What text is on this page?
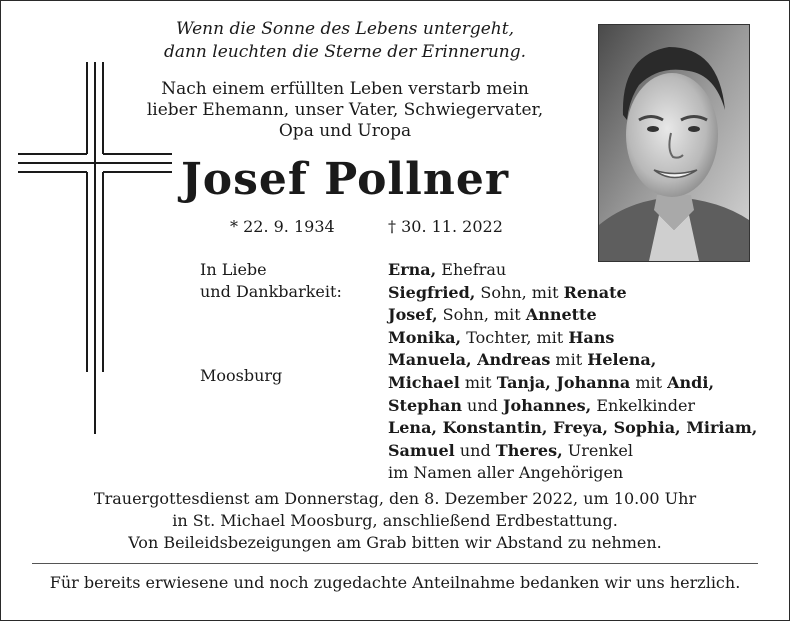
Wenn die Sonne des Lebens untergeht,
dann leuchten die Sterne der Erinnerung.
Nach einem erfüllten Leben verstarb mein
lieber Ehemann, unser Vater, Schwiegervater,
Opa und Uropa
Josef Pollner
* 22. 9. 1934	† 30. 11. 2022
In Liebe
und Dankbarkeit:
Moosburg
Erna, Ehefrau
Siegfried, Sohn, mit Renate
Josef, Sohn, mit Annette
Monika, Tochter, mit Hans
Manuela, Andreas mit Helena,
Michael mit Tanja, Johanna mit Andi,
Stephan und Johannes, Enkelkinder
Lena, Konstantin, Freya, Sophia, Miriam,
Samuel und Theres, Urenkel
im Namen aller Angehörigen
Trauergottesdienst am Donnerstag, den 8. Dezember 2022, um 10.00 Uhr
in St. Michael Moosburg, anschließend Erdbestattung.
Von Beileidsbezeigungen am Grab bitten wir Abstand zu nehmen.
Für bereits erwiesene und noch zugedachte Anteilnahme bedanken wir uns herzlich.
